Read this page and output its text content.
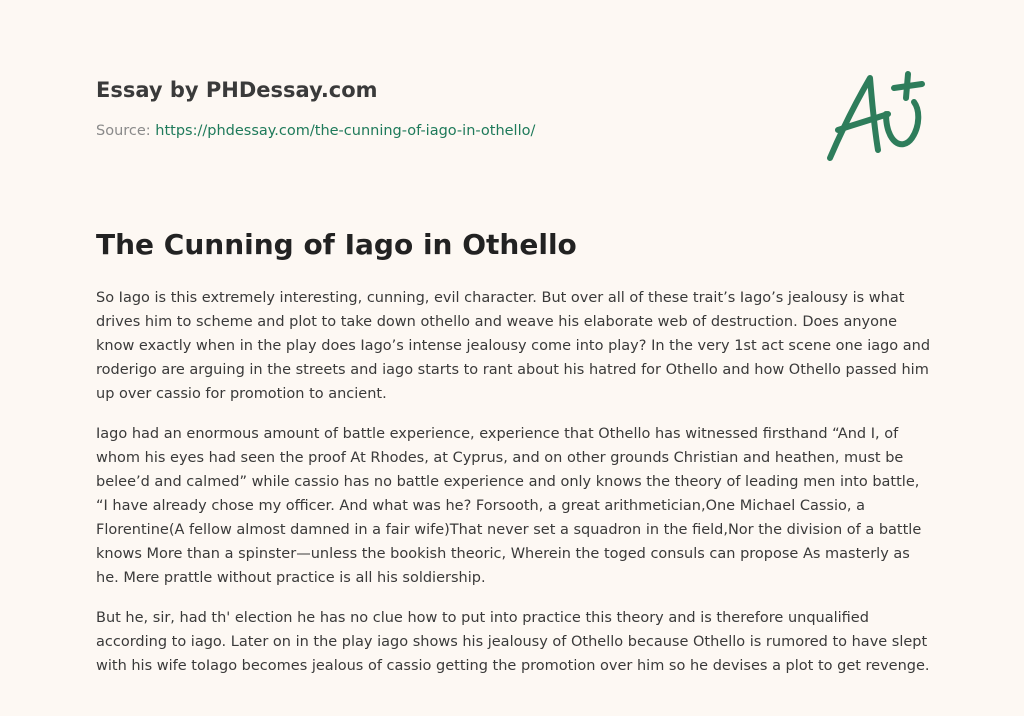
Essay by PHDessay.com
Source: https://phdessay.com/the-cunning-of-iago-in-othello/
The Cunning of Iago in Othello

So Iago is this extremely interesting, cunning, evil character. But over all of these trait’s Iago’s jealousy is what drives him to scheme and plot to take down othello and weave his elaborate web of destruction. Does anyone know exactly when in the play does Iago’s intense jealousy come into play? In the very 1st act scene one iago and roderigo are arguing in the streets and iago starts to rant about his hatred for Othello and how Othello passed him up over cassio for promotion to ancient.

Iago had an enormous amount of battle experience, experience that Othello has witnessed firsthand “And I, of whom his eyes had seen the proof At Rhodes, at Cyprus, and on other grounds Christian and heathen, must be belee’d and calmed” while cassio has no battle experience and only knows the theory of leading men into battle, “I have already chose my officer. And what was he? Forsooth, a great arithmetician,One Michael Cassio, a Florentine(A fellow almost damned in a fair wife)That never set a squadron in the field,Nor the division of a battle knows More than a spinster—unless the bookish theoric, Wherein the toged consuls can propose As masterly as he. Mere prattle without practice is all his soldiership.

But he, sir, had th' election he has no clue how to put into practice this theory and is therefore unqualified according to iago. Later on in the play iago shows his jealousy of Othello because Othello is rumored to have slept with his wife toIago becomes jealous of cassio getting the promotion over him so he devises a plot to get revenge.
